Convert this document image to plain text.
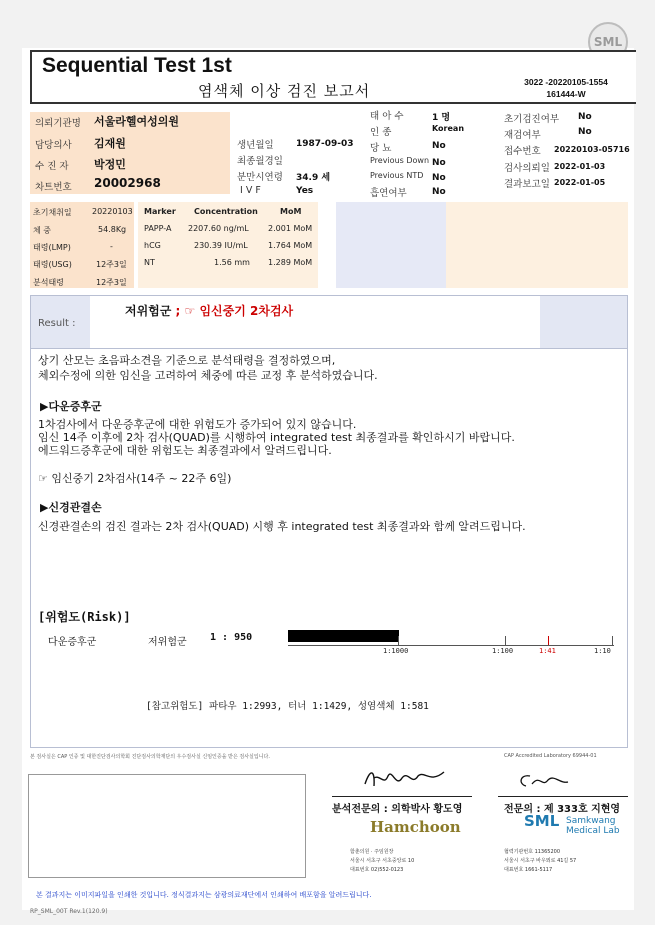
SML
Sequential Test 1st
염색체 이상 검진 보고서	3022 -20220105-1554
161444-W
의뢰기관명 서울라헬여성의원
담당의사 김재원
수 진 자 박정민
차트번호 20002968
생년월일 1987-09-03
최종월경일
분만시연령 34.9 세
I V F	Yes
태 아 수	1 명
인 종	Korean
당 뇨	No
Previous Down No
Previous NTD No
흡연여부	No
초기검진여부 No
재검여부	No
접수번호 20220103-05716
검사의뢰일 2022-01-03
결과보고일 2022-01-05
초기채취일	20220103
체 중	54.8Kg
태령(LMP)	-
태령(USG)	12주3일
분석태령	12주3일
Marker Concentration	MoM
PAPP-A 2207.60 ng/mL 2.001 MoM
hCG	230.39 IU/mL	1.764 MoM
NT	1.56 mm 1.289 MoM
Result :
저위험군 ; ☞ 임신중기 2차검사
상기 산모는 초음파소견을 기준으로 분석태령을 결정하였으며,
체외수정에 의한 임신을 고려하여 체중에 따른 교정 후 분석하였습니다.
▶다운증후군
1차검사에서 다운증후군에 대한 위험도가 증가되어 있지 않습니다.
임신 14주 이후에 2차 검사(QUAD)를 시행하여 integrated test 최종결과를 확인하시기 바랍니다.
에드워드증후군에 대한 위험도는 최종결과에서 알려드립니다.
☞ 임신중기 2차검사(14주 ~ 22주 6일)
▶신경관결손
신경관결손의 검진 결과는 2차 검사(QUAD) 시행 후 integrated test 최종결과와 함께 알려드립니다.
[위험도(Risk)]
다운증후군	저위험군 1 : 950
1:1000	1:100	1:41	1:10
[참고위험도] 파타우 1:2993, 터너 1:1429, 성염색체 1:581
본 검사실은 CAP 인증 및 대한진단검사의학회 진단검사의학재단의 우수검사실 신임인증을 받은 검사실입니다.	CAP Accredited Laboratory 69944-01
분석전문의 : 의학박사 황도영	전문의 : 제 333호 지현영
Hamchoon	SML Samkwang
Medical Lab
함춘의원 · 주임원장
서울시 서초구 서초중앙로 10
대표번호 02)552-0123
협력기관번호 11365200
서울시 서초구 바우뫼로 41길 57
대표번호 1661-5117
본 결과지는 이미지파일을 인쇄한 것입니다. 정식결과지는 삼광의료재단에서 인쇄하여 배포함을 알려드립니다.
RP_SML_00T Rev.1(120.9)
